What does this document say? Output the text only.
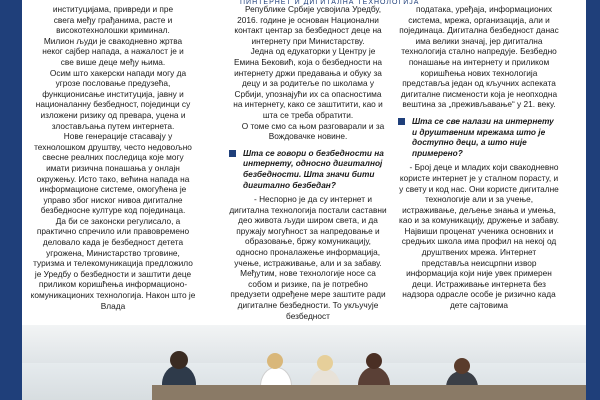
ПИНТЕРНЕТ И ДИГИТАЛНА ТЕХНОЛОГИЈА

институцијама, привреди и пре

свега међу грађанима, расте и

високотехнолошки криминал.

Милион људи је свакодневно жртва

неког сајбер напада, а нажалост је и

све више деце међу њима.

Осим што хакерски напади могу да угрозе пословање предузећа, функционисање институција, јавну и националанну безбедност, појединци су изложени ризику од превара, уцена и злостављања путем интернета.

Нове генерације стасавају у технолошком друштву, често недовољно свесне реалних последица које могу имати ризична понашања у онлајн окружењу. Исто тако, већина напада на информационе системе, омогућена је управо због ниског нивоа дигиталне безбедносне културе код појединаца.

Да би се законски регулисало, а практично спречило или правовремено деловало када је безбедност детета угрожена, Министарство трговине, туризма и телекомуникација предложило је Уредбу о безбедности и заштити деце приликом коришћења информационо-комуникационих технологија. Након што је Влада

Републике Србије усвојила Уредбу, 2016. године је основан Национални контакт центар за безбедност деце на интернету при Министарству.

Једна од едукаторки у Центру је Емина Бековић, која о безбедности на интернету држи предавања и обуку за децу и за родитеље по школама у Србији, упознајући их са опасностима на интернету, како се заштитити, као и шта се треба обратити.

О томе смо са њом разговарали и за Вождовачке новине.

Шта се говори о безбедности на интернету, односно дигиталној безбедности. Шта значи бити дигитално безбедан?

- Неспорно је да су интернет и дигитална технологија постали саставни део живота људи широм света, и да пружају могућност за напредовање и образовање, бржу комуникацију, односно проналажење информација, учење, истраживање, али и за забаву. Међутим, нове технологије носе са собом и ризике, па је потребно предузети одређене мере заштите ради дигиталне безбедности. То укључује безбедност

података, уређаја, информационих система, мрежа, организација, али и појединаца. Дигитална безбедност данас има велики значај, јер дигитална технологија стално напредује. Безбедно понашање на интернету и приликом коришћења нових технологија представља један од кључних аспеката дигиталне писмености која је неопходна вештина за „преживљавање“ у 21. веку.

Шта се све налази на интернету и друштвеним мрежама што је доступно деци, а што није примерено?

- Број деце и младих који свакодневно користе интернет је у сталном порасту, и у свету и код нас. Они користе дигиталне технологије али и за учење, истраживање, дељење знања и умења, као и за комуникацију, дружење и забаву. Највиши проценат ученика основних и средњих школа има профил на некој од друштвених мрежа. Интернет представља неисцрпни извор информација који није увек примерен деци. Истраживање интернета без надзора одрасле особе је ризично када дете сајтовима
